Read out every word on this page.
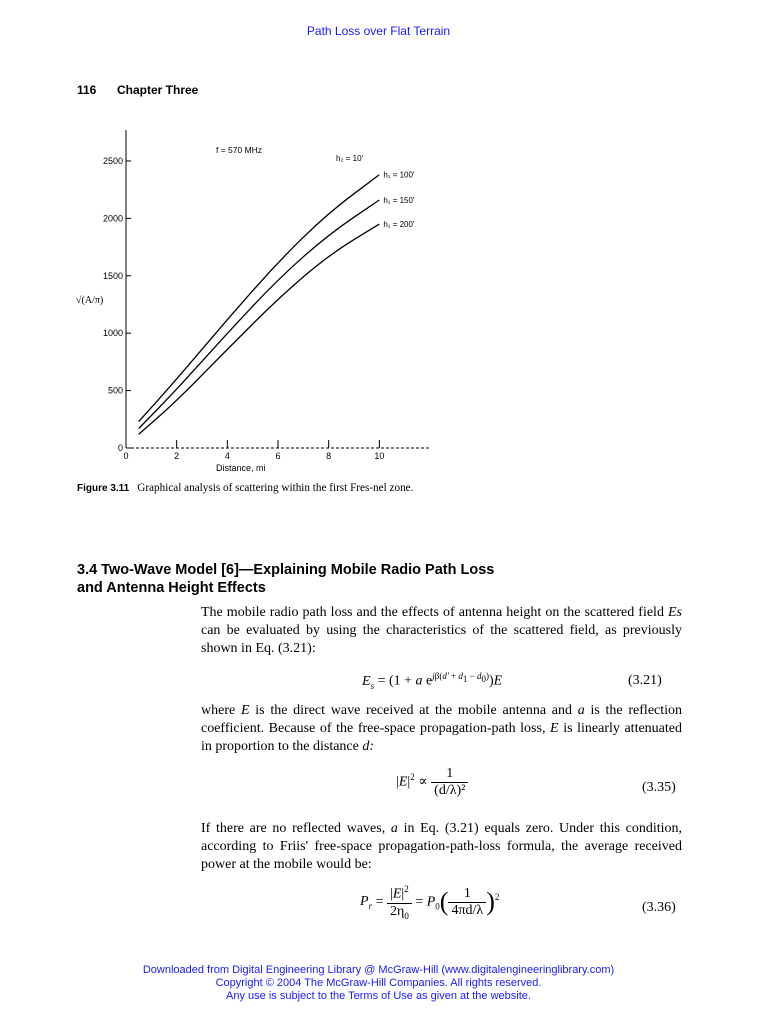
Path Loss over Flat Terrain
116 Chapter Three
0
500
1000
1500
2000
2500
0	2	4	6	8	10
h₁ = 100'
h₁ = 150'
h₁ = 200'
f = 570 MHz
h₂ = 10'
Distance, mi
√(A/π)
Figure 3.11 Graphical analysis of scattering within the first Fres-nel zone.
3.4 Two-Wave Model [6]—Explaining Mobile Radio Path Loss and Antenna Height Effects
The mobile radio path loss and the effects of antenna height on the scattered field Es can be evaluated by using the characteristics of the scattered field, as previously shown in Eq. (3.21):
$E_s = (1 + a$ $e^{j\beta(d' + d_1 - d_0)})E$	(3.21)
where E is the direct wave received at the mobile antenna and a is the reflection coefficient. Because of the free-space propagation-path loss, E is linearly attenuated in proportion to the distance d:
$|E|^2 \propto \frac{1}{\text{(d/λ)²}}$	(3.35)
If there are no reflected waves, a in Eq. (3.21) equals zero. Under this condition, according to Friis' free-space propagation-path-loss formula, the average received power at the mobile would be:
$P_r = \frac{|E|^2}{2\eta_0} = P_0( \frac{1}{4\pi d/\lambda} )^2$
(3.36)
Downloaded from Digital Engineering Library @ McGraw-Hill (www.digitalengineeringlibrary.com)
Copyright © 2004 The McGraw-Hill Companies. All rights reserved.
Any use is subject to the Terms of Use as given at the website.
